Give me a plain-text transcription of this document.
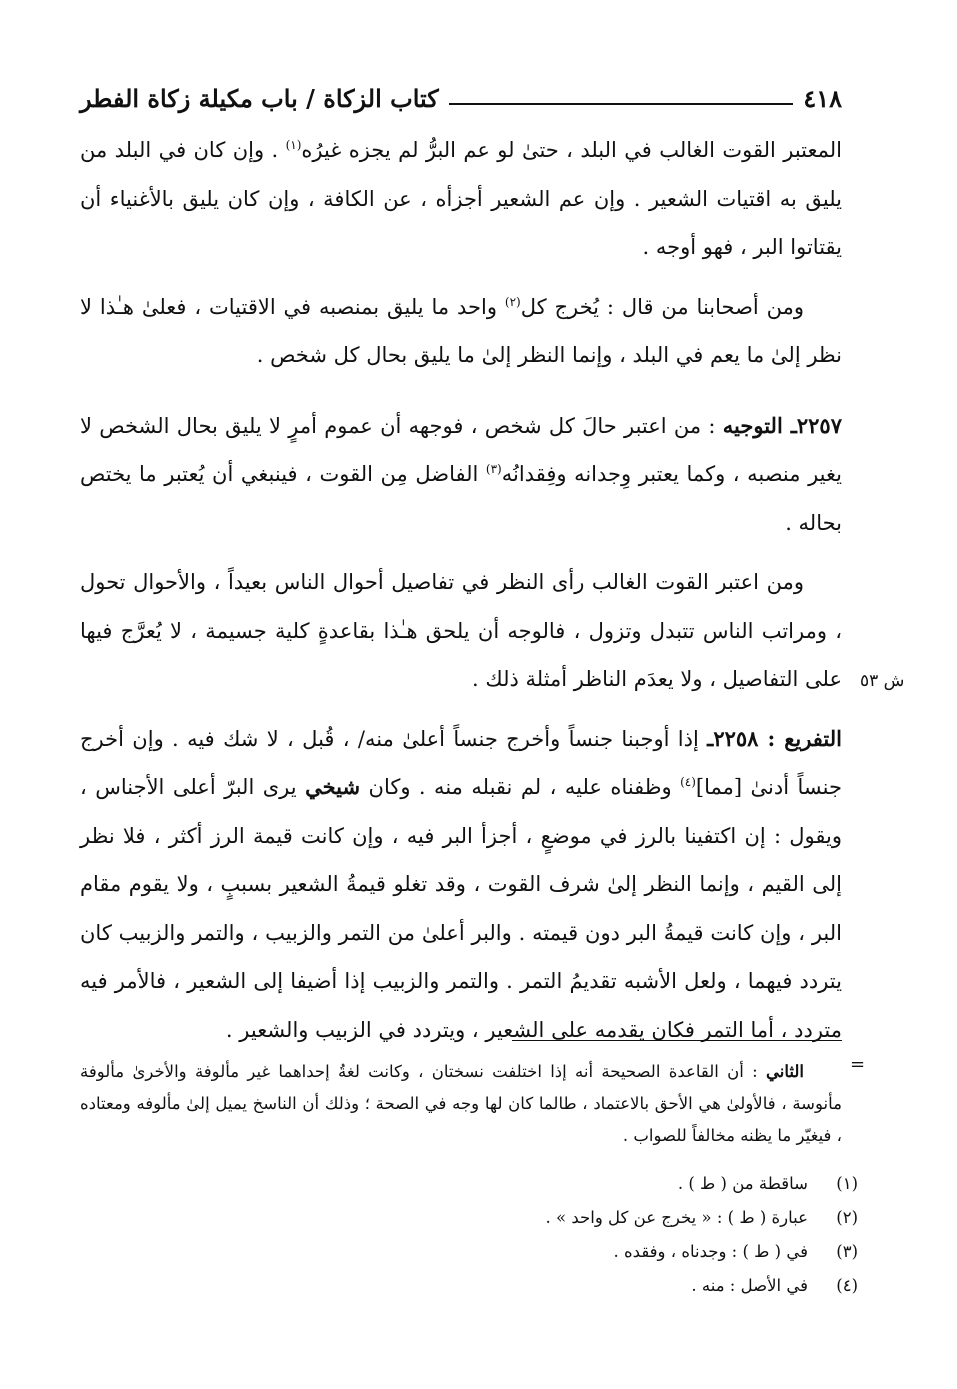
٤١٨
كتاب الزكاة / باب مكيلة زكاة الفطر

المعتبر القوت الغالب في البلد ، حتىٰ لو عم البرُّ لم يجزه غيرُه$^{(١)}$ . وإن كان في البلد من يليق به اقتيات الشعير . وإن عم الشعير أجزأه ، عن الكافة ، وإن كان يليق بالأغنياء أن يقتاتوا البر ، فهو أوجه .

ومن أصحابنا من قال : يُخرج كل$^{(٢)}$ واحد ما يليق بمنصبه في الاقتيات ، فعلىٰ هـٰذا لا نظر إلىٰ ما يعم في البلد ، وإنما النظر إلىٰ ما يليق بحال كل شخص .

٢٢٥٧ـ التوجيه : من اعتبر حالَ كل شخص ، فوجهه أن عموم أمرٍ لا يليق بحال الشخص لا يغير منصبه ، وكما يعتبر وِجدانه وفِقدانُه$^{(٣)}$ الفاضل مِن القوت ، فينبغي أن يُعتبر ما يختص بحاله .

ومن اعتبر القوت الغالب رأى النظر في تفاصيل أحوال الناس بعيداً ، والأحوال تحول ، ومراتب الناس تتبدل وتزول ، فالوجه أن يلحق هـٰذا بقاعدةٍ كلية جسيمة ، لا يُعرَّج فيها على التفاصيل ، ولا يعدَم الناظر أمثلة ذلك .

التفريع : ٢٢٥٨ـ إذا أوجبنا جنساً وأخرج جنساً أعلىٰ منه/ ، قُبل ، لا شك فيه . وإن أخرج جنساً أدنىٰ [مما]$^{(٤)}$ وظفناه عليه ، لم نقبله منه . وكان شيخي يرى البرّ أعلى الأجناس ، ويقول : إن اكتفينا بالرز في موضعٍ ، أجزأ البر فيه ، وإن كانت قيمة الرز أكثر ، فلا نظر إلى القيم ، وإنما النظر إلىٰ شرف القوت ، وقد تغلو قيمةُ الشعير بسببٍ ، ولا يقوم مقام البر ، وإن كانت قيمةُ البر دون قيمته . والبر أعلىٰ من التمر والزبيب ، والتمر والزبيب كان يتردد فيهما ، ولعل الأشبه تقديمُ التمر . والتمر والزبيب إذا أضيفا إلى الشعير ، فالأمر فيه متردد ، أما التمر فكان يقدمه على الشعير ، ويتردد في الزبيب والشعير .

ش ٥٣
=

الثاني : أن القاعدة الصحيحة أنه إذا اختلفت نسختان ، وكانت لغةُ إحداهما غير مألوفة والأخرىٰ مألوفة مأنوسة ، فالأولىٰ هي الأحق بالاعتماد ، طالما كان لها وجه في الصحة ؛ وذلك أن الناسخ يميل إلىٰ مألوفه ومعتاده ، فيغيّر ما يظنه مخالفاً للصواب .

(١)
ساقطة من ( ط ) .
(٢)
عبارة ( ط ) : « يخرج عن كل واحد » .
(٣)
في ( ط ) : وجدناه ، وفقده .
(٤)
في الأصل : منه .
